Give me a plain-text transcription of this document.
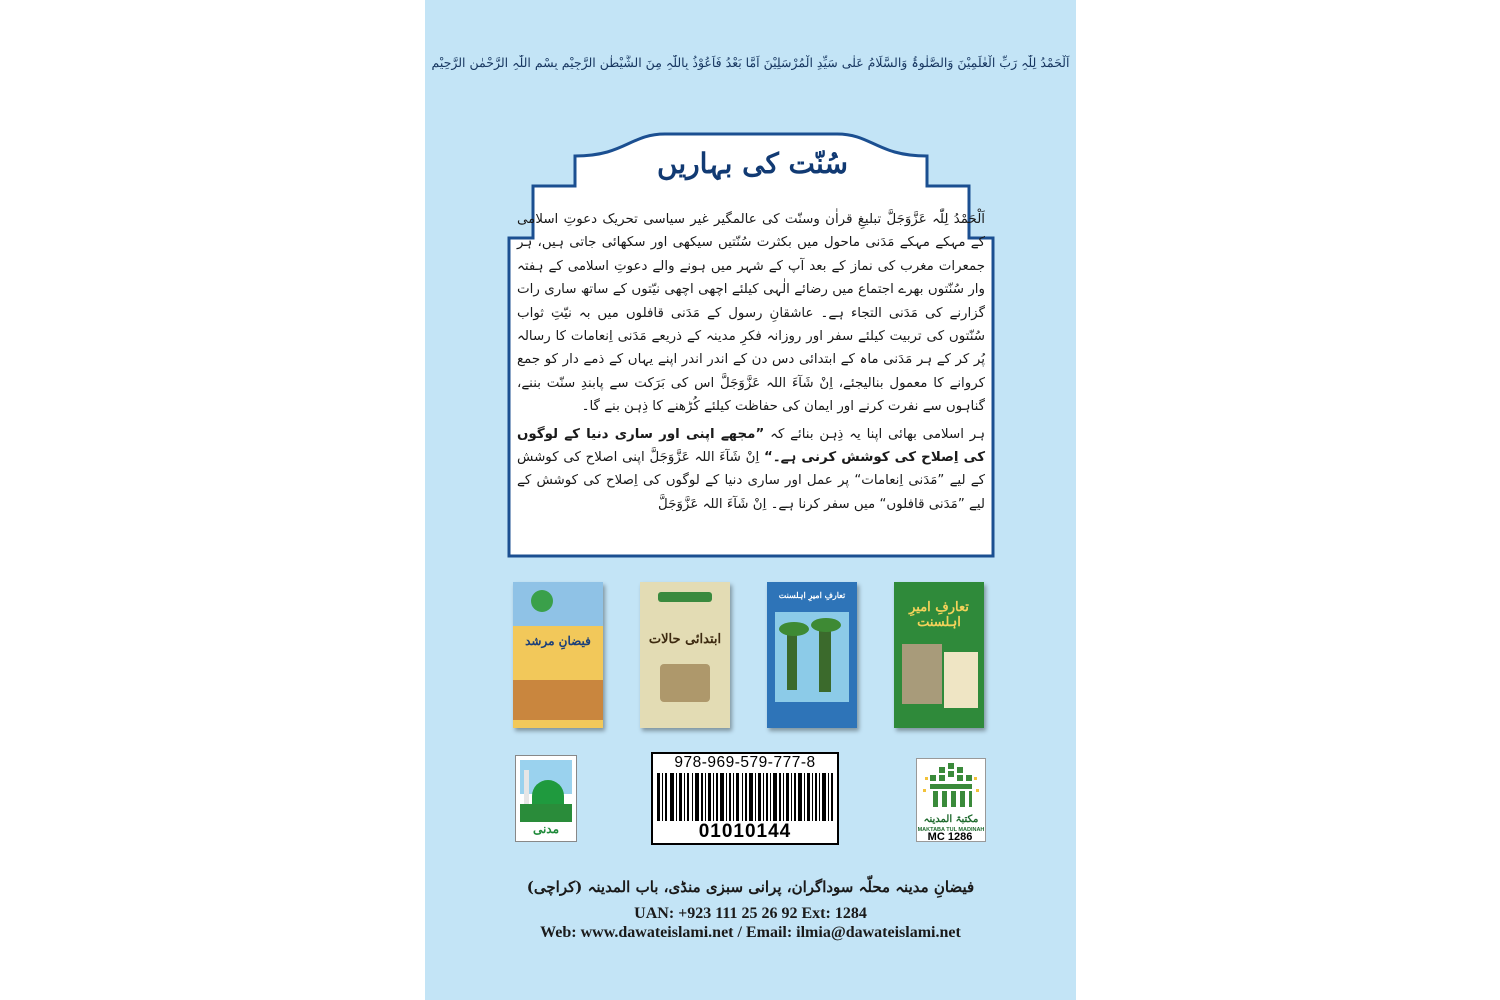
اَلْحَمْدُ لِلّٰہِ رَبِّ الْعٰلَمِیْنَ وَالصَّلٰوۃُ وَالسَّلَامُ عَلٰی سَیِّدِ الْمُرْسَلِیْنَ اَمَّا بَعْدُ فَاَعُوْذُ بِاللّٰہِ مِنَ الشَّیْطٰنِ الرَّجِیْمِ بِسْمِ اللّٰہِ الرَّحْمٰنِ الرَّحِیْمِ
سُنّت کی بہاریں

اَلْحَمْدُ لِلّٰہ عَزَّوَجَلَّ تبلیغِ قراٰن وسنّت کی عالمگیر غیر سیاسی تحریک دعوتِ اسلامی کے مہکے مہکے مَدَنی ماحول میں بکثرت سُنّتیں سیکھی اور سکھائی جاتی ہیں، ہر جمعرات مغرب کی نماز کے بعد آپ کے شہر میں ہونے والے دعوتِ اسلامی کے ہفتہ وار سُنّتوں بھرے اجتماع میں رضائے الٰہی کیلئے اچھی اچھی نیّتوں کے ساتھ ساری رات گزارنے کی مَدَنی التجاء ہے۔ عاشقانِ رسول کے مَدَنی قافلوں میں بہ نیّتِ ثواب سُنّتوں کی تربیت کیلئے سفر اور روزانہ فکرِ مدینہ کے ذریعے مَدَنی اِنعامات کا رسالہ پُر کر کے ہر مَدَنی ماہ کے ابتدائی دس دن کے اندر اندر اپنے یہاں کے ذمے دار کو جمع کروانے کا معمول بنالیجئے، اِنْ شَآءَ اللہ عَزَّوَجَلَّ اس کی بَرَکت سے پابندِ سنّت بننے، گناہوں سے نفرت کرنے اور ایمان کی حفاظت کیلئے کُڑھنے کا ذِہن بنے گا۔

ہر اسلامی بھائی اپنا یہ ذِہن بنائے کہ ”مجھے اپنی اور ساری دنیا کے لوگوں کی اِصلاح کی کوشش کرنی ہے۔“ اِنْ شَآءَ اللہ عَزَّوَجَلَّ اپنی اصلاح کی کوشش کے لیے ”مَدَنی اِنعامات“ پر عمل اور ساری دنیا کے لوگوں کی اِصلاح کی کوشش کے لیے ”مَدَنی قافلوں“ میں سفر کرنا ہے۔ اِنْ شَآءَ اللہ عَزَّوَجَلَّ

فیضانِ مرشد	ابتدائی حالات
تعارفِ امیرِ اہلسنت
تعارفِ امیرِ اہلسنت
مدنی
978-969-579-777-8
01010144
مکتبۃ المدینہ
MAKTABA TUL MADINAH
MC 1286
فیضانِ مدینہ محلّہ سوداگران، پرانی سبزی منڈی، باب المدینہ (کراچی)
UAN: +923 111 25 26 92 Ext: 1284
Web: www.dawateislami.net / Email: ilmia@dawateislami.net
